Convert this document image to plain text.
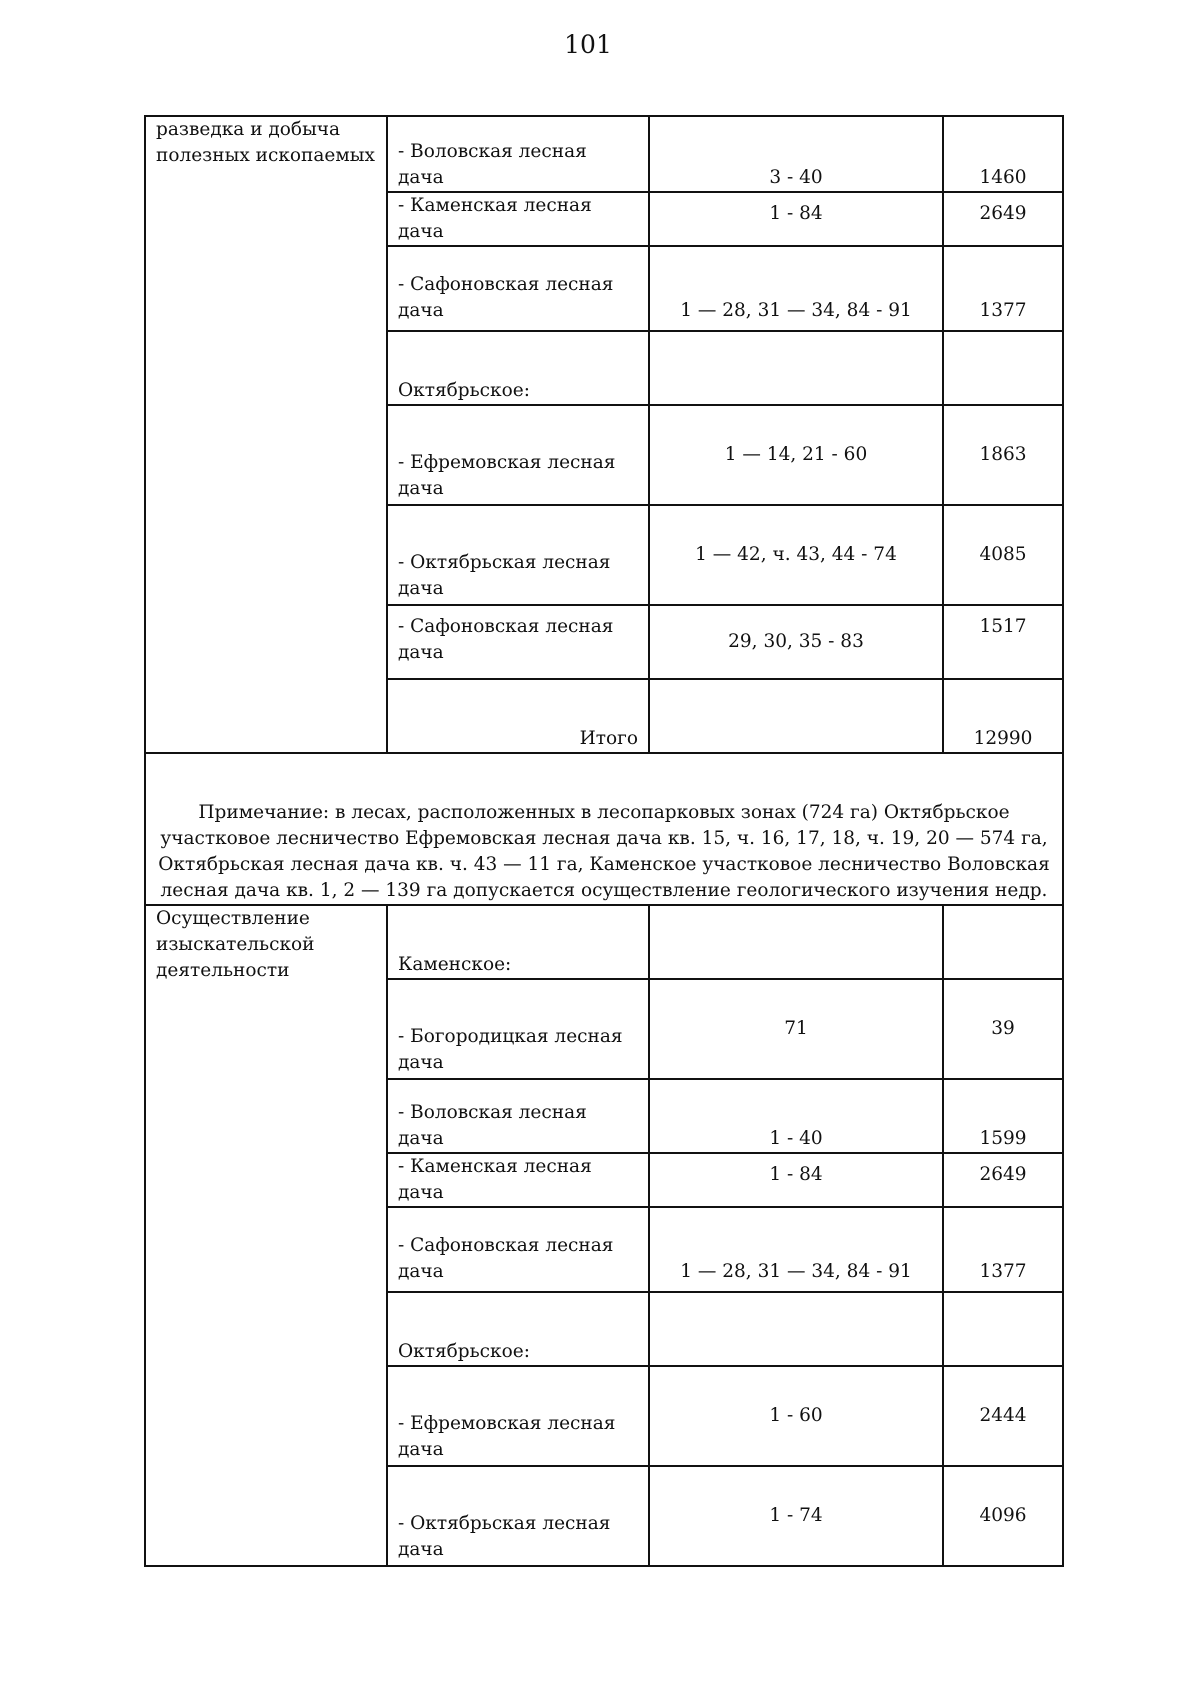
101
разведка и добыча полезных ископаемых	- Воловская лесная дача	3 - 40	1460
	- Каменская лесная дача	1 - 84	2649
	- Сафоновская лесная дача	1 — 28, 31 — 34, 84 - 91	1377
	Октябрьское:		
	- Ефремовская лесная дача	1 — 14, 21 - 60	1863
	- Октябрьская лесная дача	1 — 42, ч. 43, 44 - 74	4085
	- Сафоновская лесная дача	29, 30, 35 - 83	1517
	Итого		12990
Примечание: в лесах, расположенных в лесопарковых зонах (724 га) Октябрьское участковое лесничество Ефремовская лесная дача кв. 15, ч. 16, 17, 18, ч. 19, 20 — 574 га, Октябрьская лесная дача кв. ч. 43 — 11 га, Каменское участковое лесничество Воловская лесная дача кв. 1, 2 — 139 га допускается осуществление геологического изучения недр.			
Осуществление изыскательской деятельности	Каменское:		
	- Богородицкая лесная дача	71	39
	- Воловская лесная дача	1 - 40	1599
	- Каменская лесная дача	1 - 84	2649
	- Сафоновская лесная дача	1 — 28, 31 — 34, 84 - 91	1377
	Октябрьское:		
	- Ефремовская лесная дача	1 - 60	2444
	- Октябрьская лесная дача	1 - 74	4096
